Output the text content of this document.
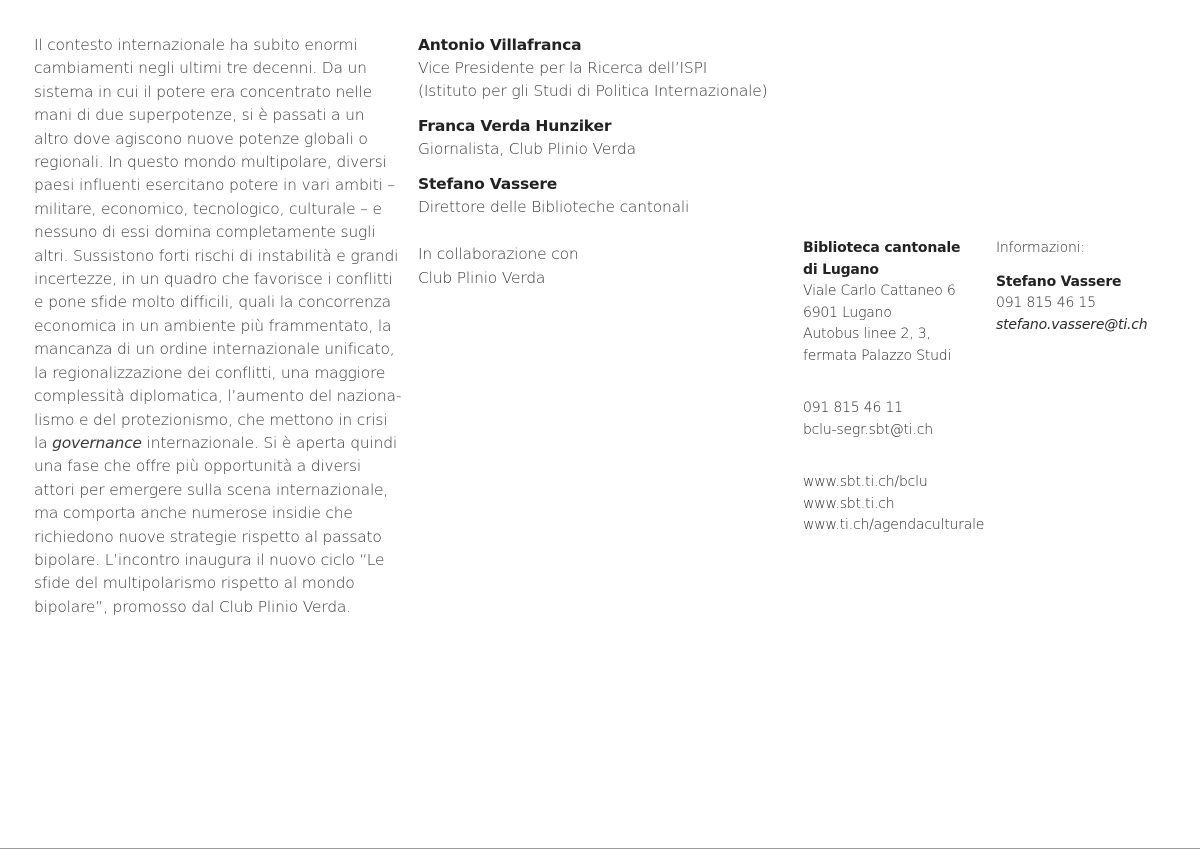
Il contesto internazionale ha subito enormi
cambiamenti negli ultimi tre decenni. Da un
sistema in cui il potere era concentrato nelle
mani di due superpotenze, si è passati a un
altro dove agiscono nuove potenze globali o
regionali. In questo mondo multipolare, diversi
paesi influenti esercitano potere in vari ambiti –
militare, economico, tecnologico, culturale – e
nessuno di essi domina completamente sugli
altri. Sussistono forti rischi di instabilità e grandi
incertezze, in un quadro che favorisce i conflitti
e pone sfide molto difficili, quali la concorrenza
economica in un ambiente più frammentato, la
mancanza di un ordine internazionale unificato,
la regionalizzazione dei conflitti, una maggiore
complessità diplomatica, l’aumento del naziona-
lismo e del protezionismo, che mettono in crisi
la governance internazionale. Si è aperta quindi
una fase che offre più opportunità a diversi
attori per emergere sulla scena internazionale,
ma comporta anche numerose insidie che
richiedono nuove strategie rispetto al passato
bipolare. L’incontro inaugura il nuovo ciclo “Le
sfide del multipolarismo rispetto al mondo
bipolare”, promosso dal Club Plinio Verda.
Antonio Villafranca
Vice Presidente per la Ricerca dell’ISPI
(Istituto per gli Studi di Politica Internazionale)
Franca Verda Hunziker
Giornalista, Club Plinio Verda
Stefano Vassere
Direttore delle Biblioteche cantonali
In collaborazione con
Club Plinio Verda
Biblioteca cantonale
di Lugano
Viale Carlo Cattaneo 6
6901 Lugano
Autobus linee 2, 3,
fermata Palazzo Studi
091 815 46 11
bclu-segr.sbt@ti.ch
www.sbt.ti.ch/bclu
www.sbt.ti.ch
www.ti.ch/agendaculturale
Informazioni:
Stefano Vassere
091 815 46 15
stefano.vassere@ti.ch
